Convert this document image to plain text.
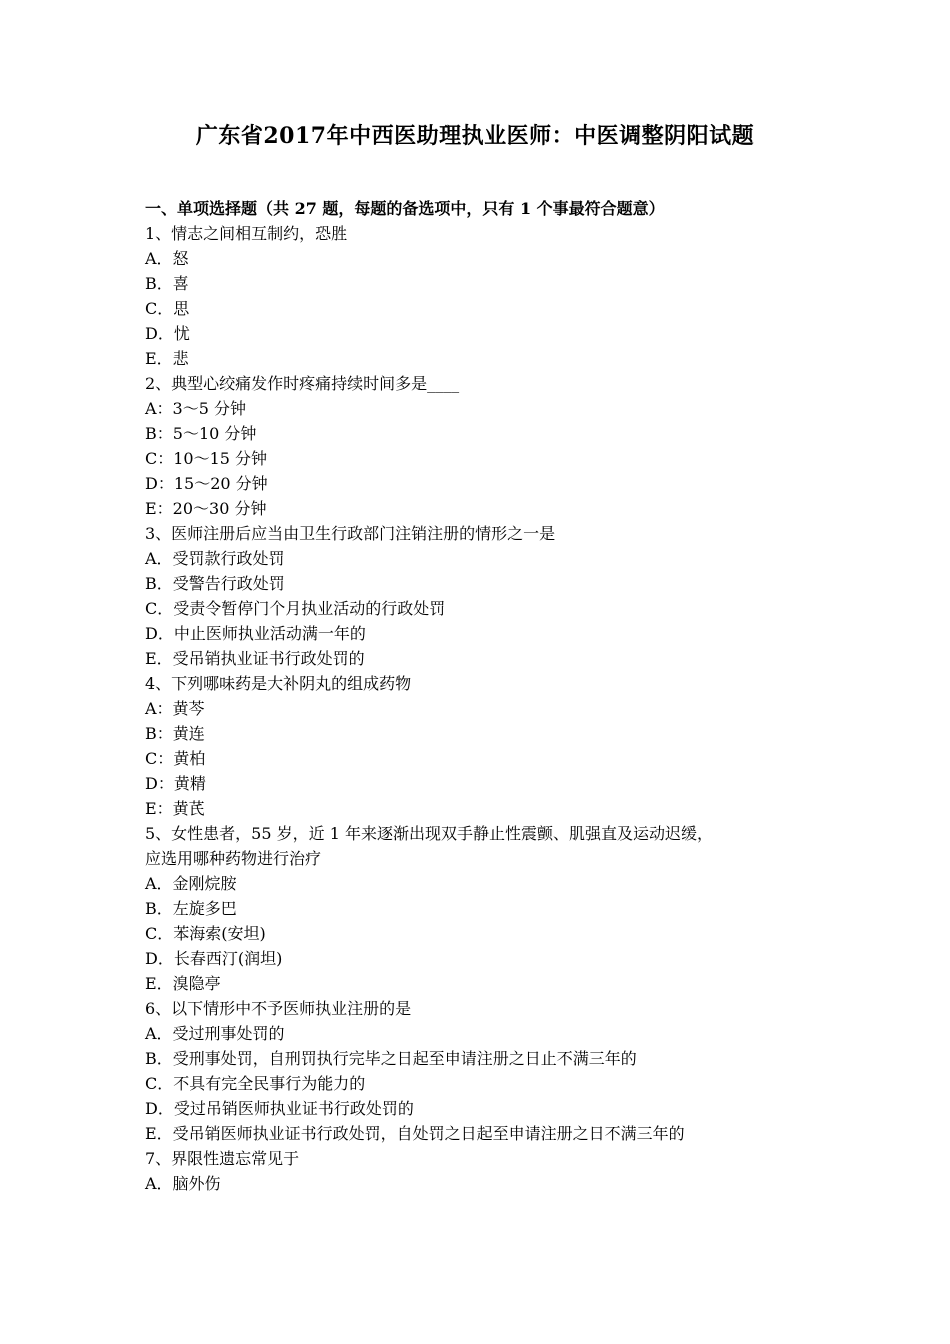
广东省2017年中西医助理执业医师：中医调整阴阳试题
一、单项选择题（共 27 题，每题的备选项中，只有 1 个事最符合题意）
1、情志之间相互制约，恐胜
A．怒
B．喜
C．思
D．忧
E．悲
2、典型心绞痛发作时疼痛持续时间多是____
A：3～5 分钟
B：5～10 分钟
C：10～15 分钟
D：15～20 分钟
E：20～30 分钟
3、医师注册后应当由卫生行政部门注销注册的情形之一是
A．受罚款行政处罚
B．受警告行政处罚
C．受责令暂停门个月执业活动的行政处罚
D．中止医师执业活动满一年的
E．受吊销执业证书行政处罚的
4、下列哪味药是大补阴丸的组成药物
A：黄芩
B：黄连
C：黄柏
D：黄精
E：黄芪
5、女性患者，55 岁，近 1 年来逐渐出现双手静止性震颤、肌强直及运动迟缓，
应选用哪种药物进行治疗
A．金刚烷胺
B．左旋多巴
C．苯海索(安坦)
D．长春西汀(润坦)
E．溴隐亭
6、以下情形中不予医师执业注册的是
A．受过刑事处罚的
B．受刑事处罚，自刑罚执行完毕之日起至申请注册之日止不满三年的
C．不具有完全民事行为能力的
D．受过吊销医师执业证书行政处罚的
E．受吊销医师执业证书行政处罚，自处罚之日起至申请注册之日不满三年的
7、界限性遗忘常见于
A．脑外伤
